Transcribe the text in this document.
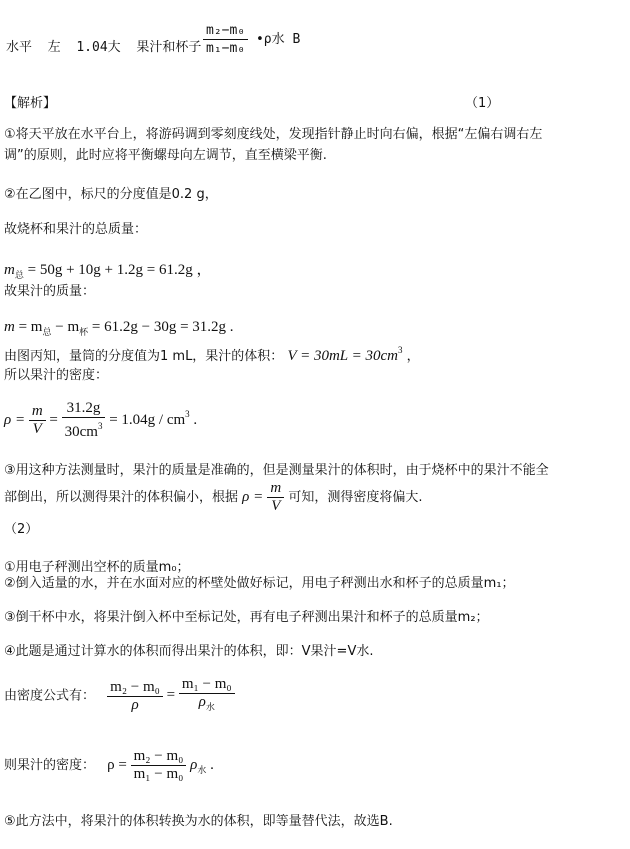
水平 左 1.04大 果汁和杯子 $\frac{\text{m₂−m₀}}{\text{m₁−m₀}}$ •ρ水 B
【解析】	（1）
①将天平放在水平台上，将游码调到零刻度线处，发现指针静止时向右偏，根据“左偏右调右左
调”的原则，此时应将平衡螺母向左调节，直至横梁平衡.
②在乙图中，标尺的分度值是0.2 g，
故烧杯和果汁的总质量：
$m_总 = 50g + 10g + 1.2g = 61.2g$ ，
故果汁的质量：
$m = m_总 - m_杯 = 61.2g - 30g = 31.2g$ .
由图丙知，量筒的分度值为1 mL，果汁的体积： $V = 30mL = 30cm^3$ ，
所以果汁的密度：
$\rho = \frac{m}{V} = \frac{31.2g}{30cm^3} = 1.04g / cm^3$ .
③用这种方法测量时，果汁的质量是准确的，但是测量果汁的体积时，由于烧杯中的果汁不能全
部倒出，所以测得果汁的体积偏小，根据 $\rho = \frac{m}{V}$ 可知，测得密度将偏大.
（2）
①用电子秤测出空杯的质量m₀；
②倒入适量的水，并在水面对应的杯壁处做好标记，用电子秤测出水和杯子的总质量m₁；
③倒干杯中水，将果汁倒入杯中至标记处，再有电子秤测出果汁和杯子的总质量m₂；
④此题是通过计算水的体积而得出果汁的体积，即：V果汁=V水.
由密度公式有： $\frac{\text{m₂ − m₀}}{\rho} = \frac{\text{m₁ − m₀}}{\rho_水}$
则果汁的密度： $\rho = \frac{\text{m₂ − m₀}}{\text{m₁ − m₀}} \rho_水$ .
⑤此方法中，将果汁的体积转换为水的体积，即等量替代法，故选B.
